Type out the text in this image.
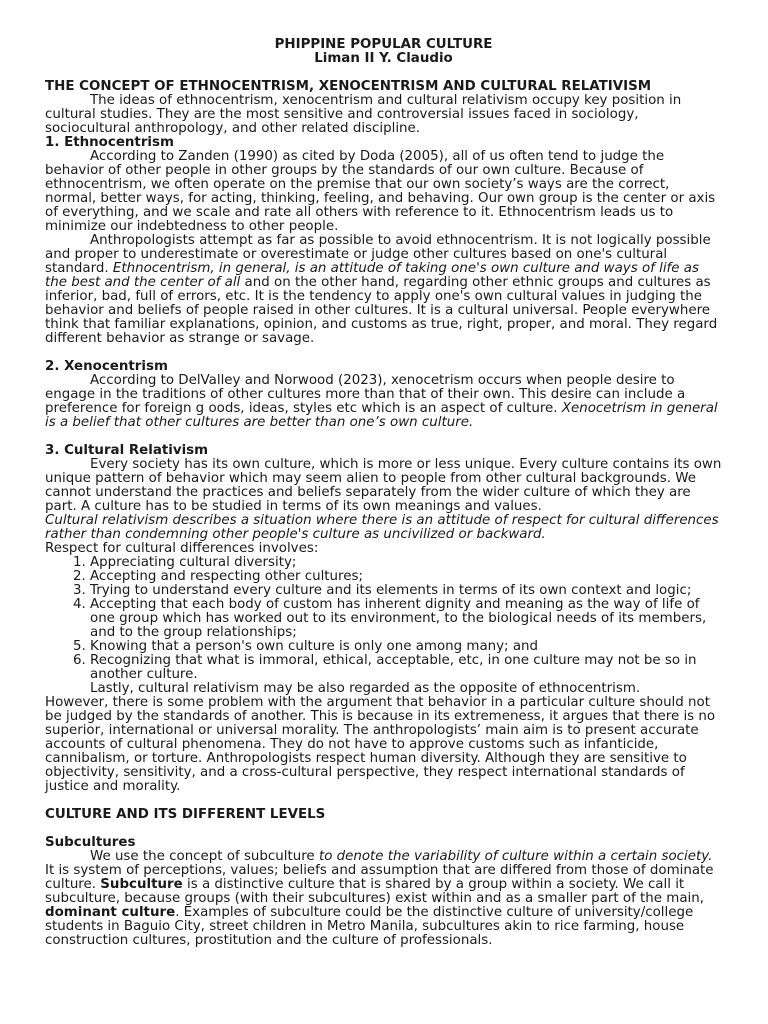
PHIPPINE POPULAR CULTURE
Liman II Y. Claudio
THE CONCEPT OF ETHNOCENTRISM, XENOCENTRISM AND CULTURAL RELATIVISM

The ideas of ethnocentrism, xenocentrism and cultural relativism occupy key position in cultural studies. They are the most sensitive and controversial issues faced in sociology, sociocultural anthropology, and other related discipline.

1. Ethnocentrism

According to Zanden (1990) as cited by Doda (2005), all of us often tend to judge the behavior of other people in other groups by the standards of our own culture. Because of ethnocentrism, we often operate on the premise that our own society’s ways are the correct, normal, better ways, for acting, thinking, feeling, and behaving. Our own group is the center or axis of everything, and we scale and rate all others with reference to it. Ethnocentrism leads us to minimize our indebtedness to other people.

Anthropologists attempt as far as possible to avoid ethnocentrism. It is not logically possible and proper to underestimate or overestimate or judge other cultures based on one's cultural standard. Ethnocentrism, in general, is an attitude of taking one's own culture and ways of life as the best and the center of all and on the other hand, regarding other ethnic groups and cultures as inferior, bad, full of errors, etc. It is the tendency to apply one's own cultural values in judging the behavior and beliefs of people raised in other cultures. It is a cultural universal. People everywhere think that familiar explanations, opinion, and customs as true, right, proper, and moral. They regard different behavior as strange or savage.

2. Xenocentrism

According to DelValley and Norwood (2023), xenocetrism occurs when people desire to engage in the traditions of other cultures more than that of their own. This desire can include a preference for foreign g oods, ideas, styles etc which is an aspect of culture. Xenocetrism in general is a belief that other cultures are better than one’s own culture.

3. Cultural Relativism

Every society has its own culture, which is more or less unique. Every culture contains its own unique pattern of behavior which may seem alien to people from other cultural backgrounds. We cannot understand the practices and beliefs separately from the wider culture of which they are part. A culture has to be studied in terms of its own meanings and values.
Cultural relativism describes a situation where there is an attitude of respect for cultural differences rather than condemning other people's culture as uncivilized or backward.

Respect for cultural differences involves:
1. Appreciating cultural diversity;
2. Accepting and respecting other cultures;
3. Trying to understand every culture and its elements in terms of its own context and logic;
4. Accepting that each body of custom has inherent dignity and meaning as the way of life of one group which has worked out to its environment, to the biological needs of its members, and to the group relationships;
5. Knowing that a person's own culture is only one among many; and
6. Recognizing that what is immoral, ethical, acceptable, etc, in one culture may not be so in another culture.

Lastly, cultural relativism may be also regarded as the opposite of ethnocentrism.

However, there is some problem with the argument that behavior in a particular culture should not be judged by the standards of another. This is because in its extremeness, it argues that there is no superior, international or universal morality. The anthropologists’ main aim is to present accurate accounts of cultural phenomena. They do not have to approve customs such as infanticide, cannibalism, or torture. Anthropologists respect human diversity. Although they are sensitive to objectivity, sensitivity, and a cross-cultural perspective, they respect international standards of justice and morality.

CULTURE AND ITS DIFFERENT LEVELS
Subcultures

We use the concept of subculture to denote the variability of culture within a certain society. It is system of perceptions, values; beliefs and assumption that are differed from those of dominate culture. Subculture is a distinctive culture that is shared by a group within a society. We call it subculture, because groups (with their subcultures) exist within and as a smaller part of the main, dominant culture. Examples of subculture could be the distinctive culture of university/college students in Baguio City, street children in Metro Manila, subcultures akin to rice farming, house construction cultures, prostitution and the culture of professionals.
